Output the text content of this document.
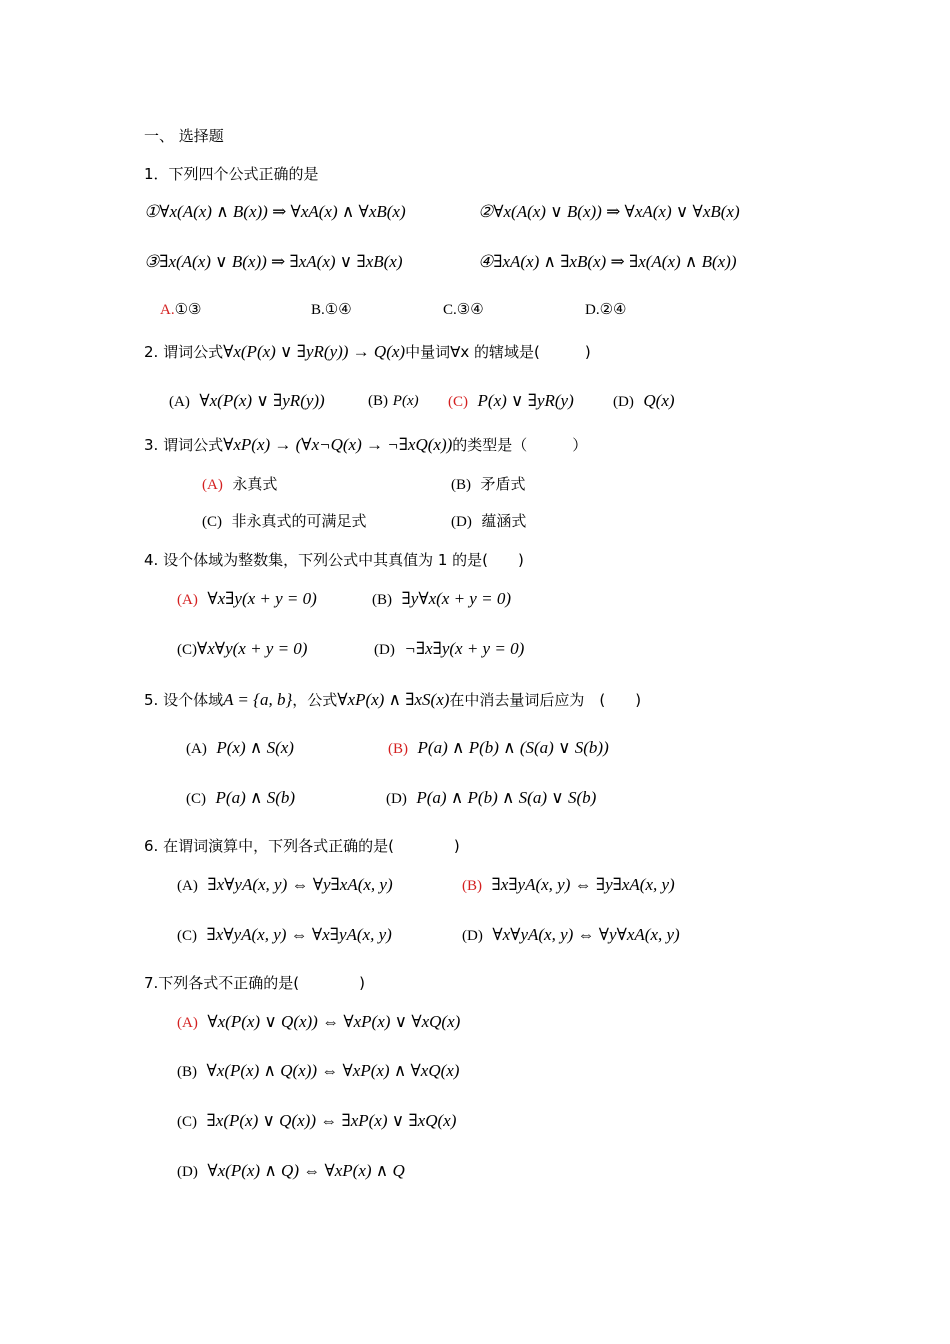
一、 选择题
1．下列四个公式正确的是
①∀x(A(x) ∧ B(x)) ⇒ ∀xA(x) ∧ ∀xB(x)	②∀x(A(x) ∨ B(x)) ⇒ ∀xA(x) ∨ ∀xB(x)
③∃x(A(x) ∨ B(x)) ⇒ ∃xA(x) ∨ ∃xB(x)	④∃xA(x) ∧ ∃xB(x) ⇒ ∃x(A(x) ∧ B(x))
A.①③	B.①④	C.③④	D.②④
2. 谓词公式∀x(P(x) ∨ ∃yR(y)) → Q(x)中量词∀x 的辖域是(　　　)
(A) ∀x(P(x) ∨ ∃yR(y))	(B) P(x) (C) P(x) ∨ ∃yR(y)	(D) Q(x)
3. 谓词公式∀xP(x) → (∀x¬Q(x) → ¬∃xQ(x))的类型是（　　　）
(A) 永真式	(B) 矛盾式
(C) 非永真式的可满足式	(D) 蕴涵式
4. 设个体域为整数集，下列公式中其真值为 1 的是(　　)
(A) ∀x∃y(x + y = 0)	(B) ∃y∀x(x + y = 0)
(C)∀x∀y(x + y = 0)	(D) ¬∃x∃y(x + y = 0)
5. 设个体域A = {a, b}，公式∀xP(x) ∧ ∃xS(x)在中消去量词后应为　(　　)
(A) P(x) ∧ S(x)	(B) P(a) ∧ P(b) ∧ (S(a) ∨ S(b))
(C) P(a) ∧ S(b)	(D) P(a) ∧ P(b) ∧ S(a) ∨ S(b)
6. 在谓词演算中，下列各式正确的是(　　　　)
(A) ∃x∀yA(x, y) ⇔ ∀y∃xA(x, y)	(B) ∃x∃yA(x, y) ⇔ ∃y∃xA(x, y)
(C) ∃x∀yA(x, y) ⇔ ∀x∃yA(x, y)	(D) ∀x∀yA(x, y) ⇔ ∀y∀xA(x, y)
7.下列各式不正确的是(　　　　)
(A) ∀x(P(x) ∨ Q(x)) ⇔ ∀xP(x) ∨ ∀xQ(x)
(B) ∀x(P(x) ∧ Q(x)) ⇔ ∀xP(x) ∧ ∀xQ(x)
(C) ∃x(P(x) ∨ Q(x)) ⇔ ∃xP(x) ∨ ∃xQ(x)
(D) ∀x(P(x) ∧ Q) ⇔ ∀xP(x) ∧ Q
